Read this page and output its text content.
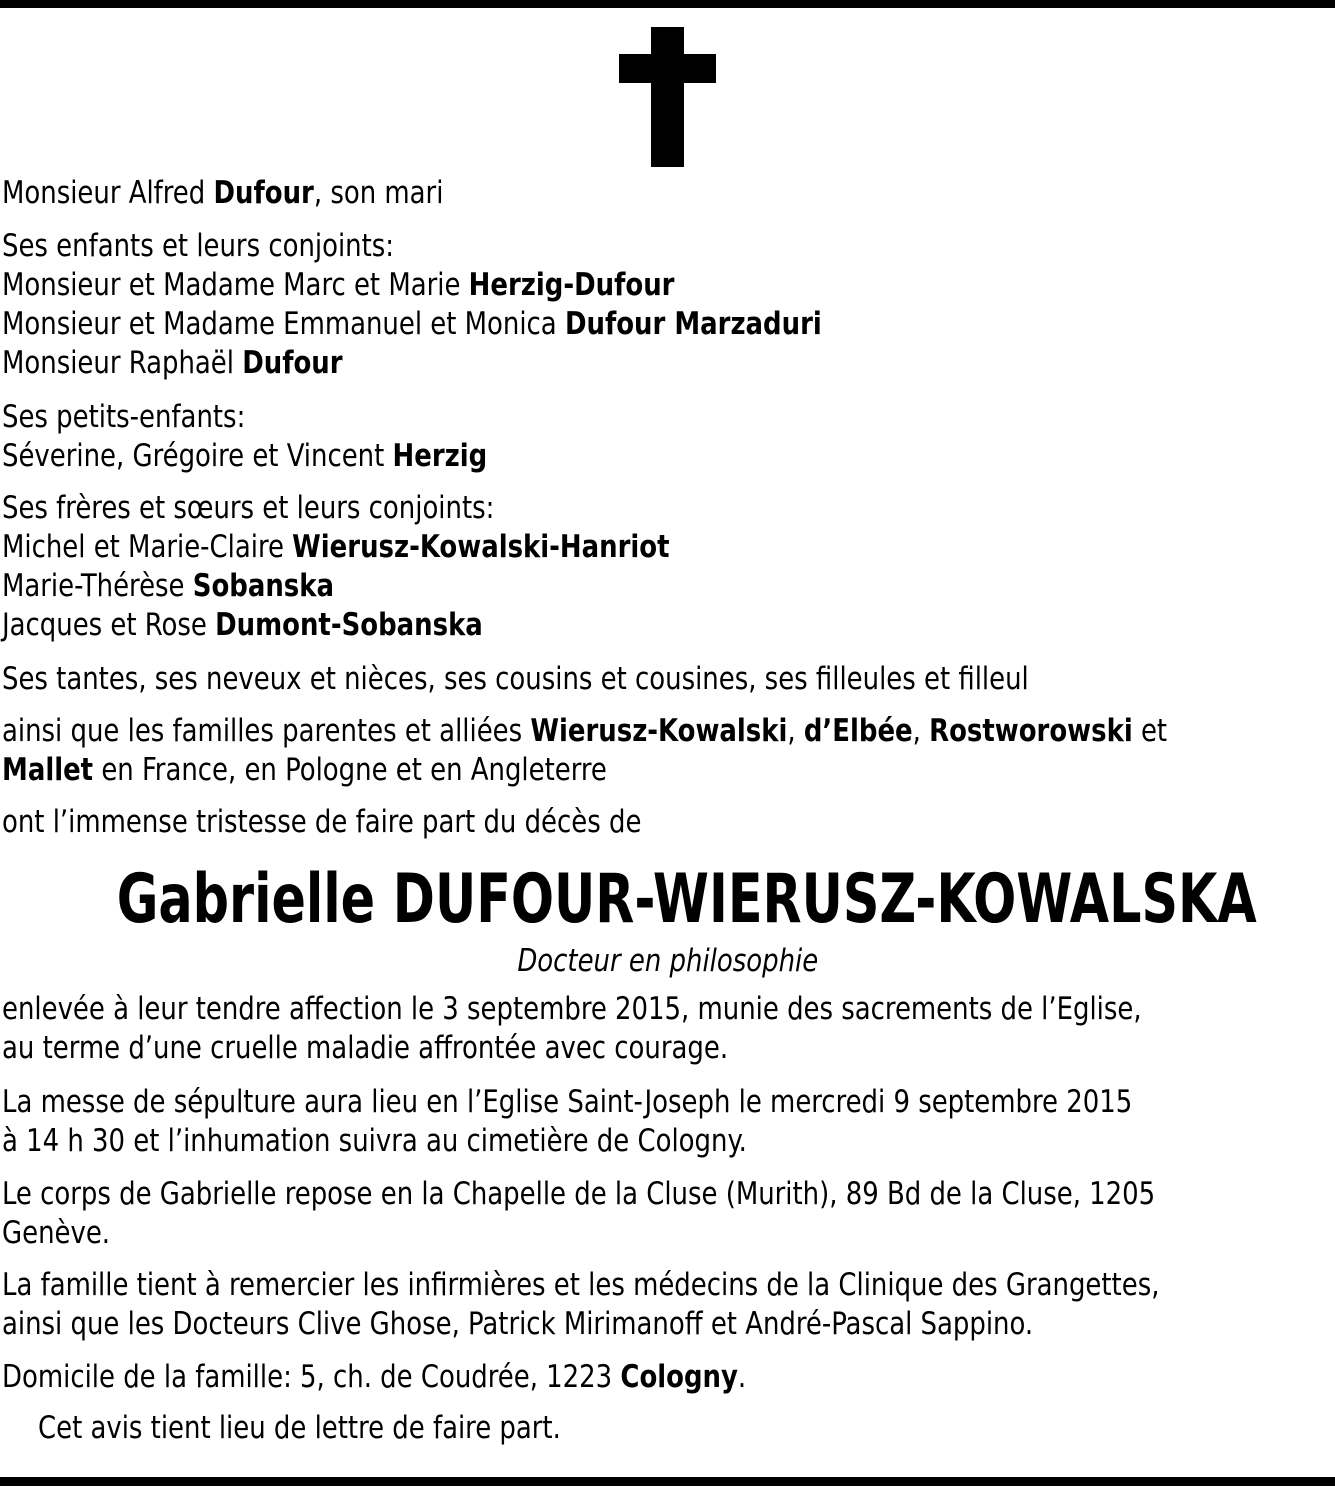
Monsieur Alfred Dufour, son mari
Ses enfants et leurs conjoints:
Monsieur et Madame Marc et Marie Herzig-Dufour
Monsieur et Madame Emmanuel et Monica Dufour Marzaduri
Monsieur Raphaël Dufour
Ses petits-enfants:
Séverine, Grégoire et Vincent Herzig
Ses frères et sœurs et leurs conjoints:
Michel et Marie-Claire Wierusz-Kowalski-Hanriot
Marie-Thérèse Sobanska
Jacques et Rose Dumont-Sobanska
Ses tantes, ses neveux et nièces, ses cousins et cousines, ses filleules et filleul
ainsi que les familles parentes et alliées Wierusz-Kowalski, d’Elbée, Rostworowski et
Mallet en France, en Pologne et en Angleterre
ont l’immense tristesse de faire part du décès de
Gabrielle DUFOUR-WIERUSZ-KOWALSKA
Docteur en philosophie
enlevée à leur tendre affection le 3 septembre 2015, munie des sacrements de l’Eglise,
au terme d’une cruelle maladie affrontée avec courage.
La messe de sépulture aura lieu en l’Eglise Saint-Joseph le mercredi 9 septembre 2015
à 14 h 30 et l’inhumation suivra au cimetière de Cologny.
Le corps de Gabrielle repose en la Chapelle de la Cluse (Murith), 89 Bd de la Cluse, 1205
Genève.
La famille tient à remercier les infirmières et les médecins de la Clinique des Grangettes,
ainsi que les Docteurs Clive Ghose, Patrick Mirimanoff et André-Pascal Sappino.
Domicile de la famille: 5, ch. de Coudrée, 1223 Cologny.
Cet avis tient lieu de lettre de faire part.
